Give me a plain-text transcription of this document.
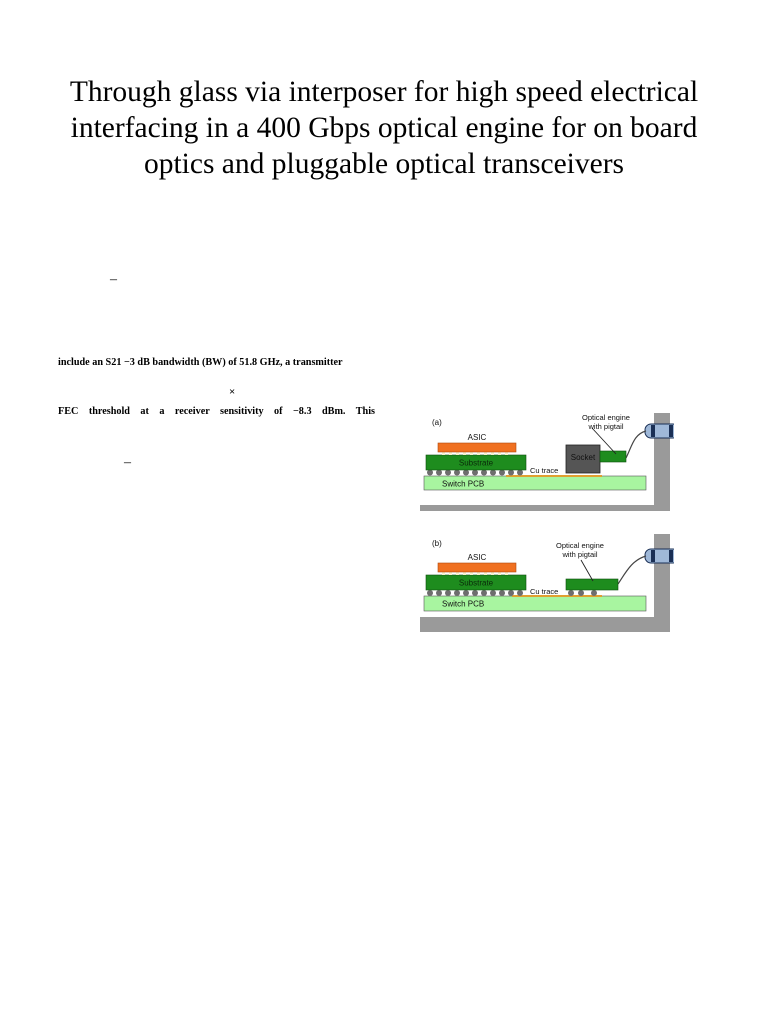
Through glass via interposer for high speed electrical interfacing in a 400 Gbps optical engine for on board optics and pluggable optical transceivers
–
include an S21 −3 dB bandwidth (BW) of 51.8 GHz, a transmitter
×
FEC threshold at a receiver sensitivity of −8.3 dBm. This
–
Switch PCB
Substrate
ASIC
Socket
(a)
Optical engine
with pigtail
Cu trace
Switch PCB
Substrate
ASIC
(b)	Optical engine
with pigtail
Cu trace
